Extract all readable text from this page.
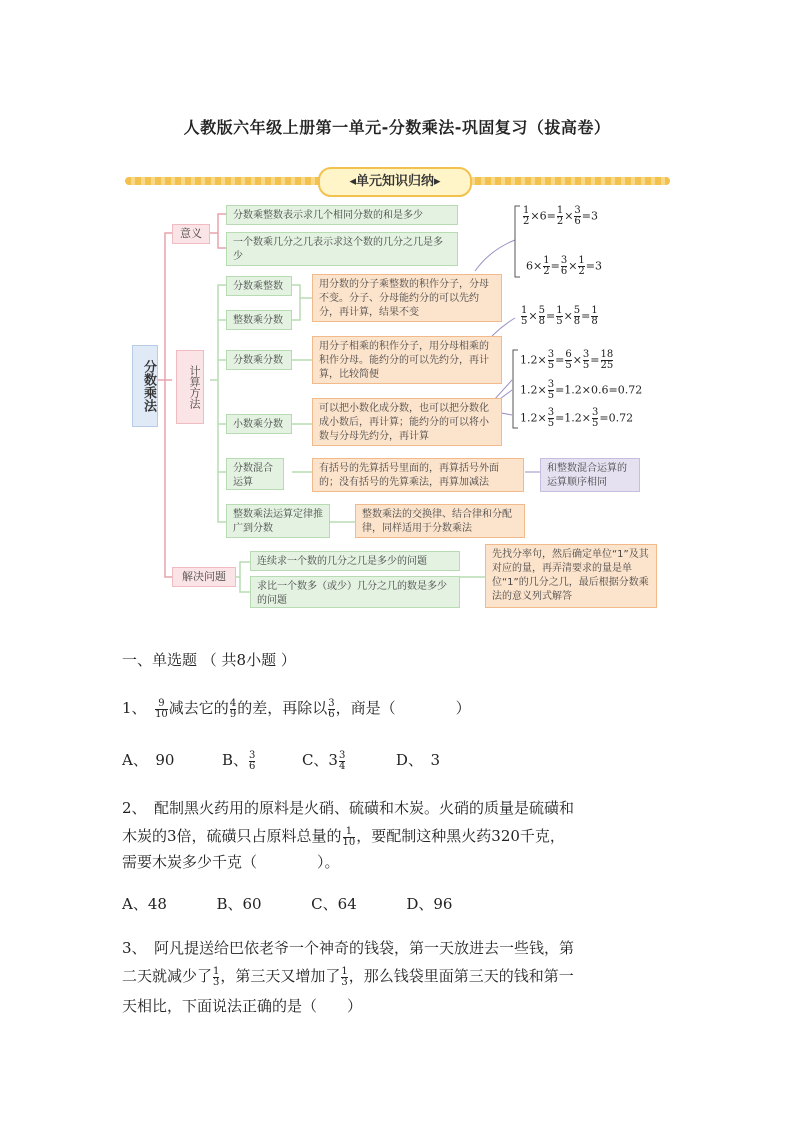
人教版六年级上册第一单元-分数乘法-巩固复习（拔高卷）
◂单元知识归纳▸
分数乘法
意义
分数乘整数表示求几个相同分数的和是多少
一个数乘几分之几表示求这个数的几分之几是多少
计算方法
分数乘整数
整数乘分数
分数乘分数
小数乘分数
分数混合运算
整数乘法运算定律推广到分数
用分数的分子乘整数的积作分子，分母不变。分子、分母能约分的可以先约分，再计算，结果不变
用分子相乘的积作分子，用分母相乘的积作分母。能约分的可以先约分，再计算，比较简便
可以把小数化成分数，也可以把分数化成小数后，再计算；能约分的可以将小数与分母先约分，再计算
有括号的先算括号里面的，再算括号外面的；没有括号的先算乘法，再算加减法
和整数混合运算的运算顺序相同
整数乘法的交换律、结合律和分配律，同样适用于分数乘法
解决问题
连续求一个数的几分之几是多少的问题
求比一个数多（或少）几分之几的数是多少的问题
先找分率句，然后确定单位“1”及其对应的量，再弄清要求的量是单位“1”的几分之几，最后根据分数乘法的意义列式解答
$\frac{1}{2} \times 6= \frac{1}{2} \times \frac{3}{6} =3$
$6\times \frac{1}{2} = \frac{3}{6} \times \frac{1}{2} =3$
$\frac{1}{5} \times \frac{5}{8} = \frac{1}{5} \times \frac{5}{8} = \frac{1}{8}$
$1.2\times \frac{3}{5} = \frac{6}{5} \times \frac{3}{5} = \frac{18}{25}$
$1.2\times \frac{3}{5} =1.2\times 0.6=0.72$
$1.2\times \frac{3}{5} =1.2\times \frac{3}{5} =0.72$
一、单选题 （ 共8小题 ）
1、　 $\frac{9}{10}$ 减去它的 $\frac{4}{9}$ 的差，再除以 $\frac{3}{6}$ ，商是（　　　　）
A、　90	B、 $\frac{3}{6}$	C、$3 \frac{3}{4}$	D、　3
2、　配制黑火药用的原料是火硝、硫磺和木炭。火硝的质量是硫磺和
木炭的3倍，硫磺只占原料总量的 $\frac{1}{10}$ ，要配制这种黑火药320千克，
需要木炭多少千克（　　　　）。
A、48	B、60	C、64	D、96
3、　阿凡提送给巴依老爷一个神奇的钱袋，第一天放进去一些钱，第
二天就减少了 $\frac{1}{3}$ ，第三天又增加了 $\frac{1}{3}$ ，那么钱袋里面第三天的钱和第一
天相比，下面说法正确的是（　　）
